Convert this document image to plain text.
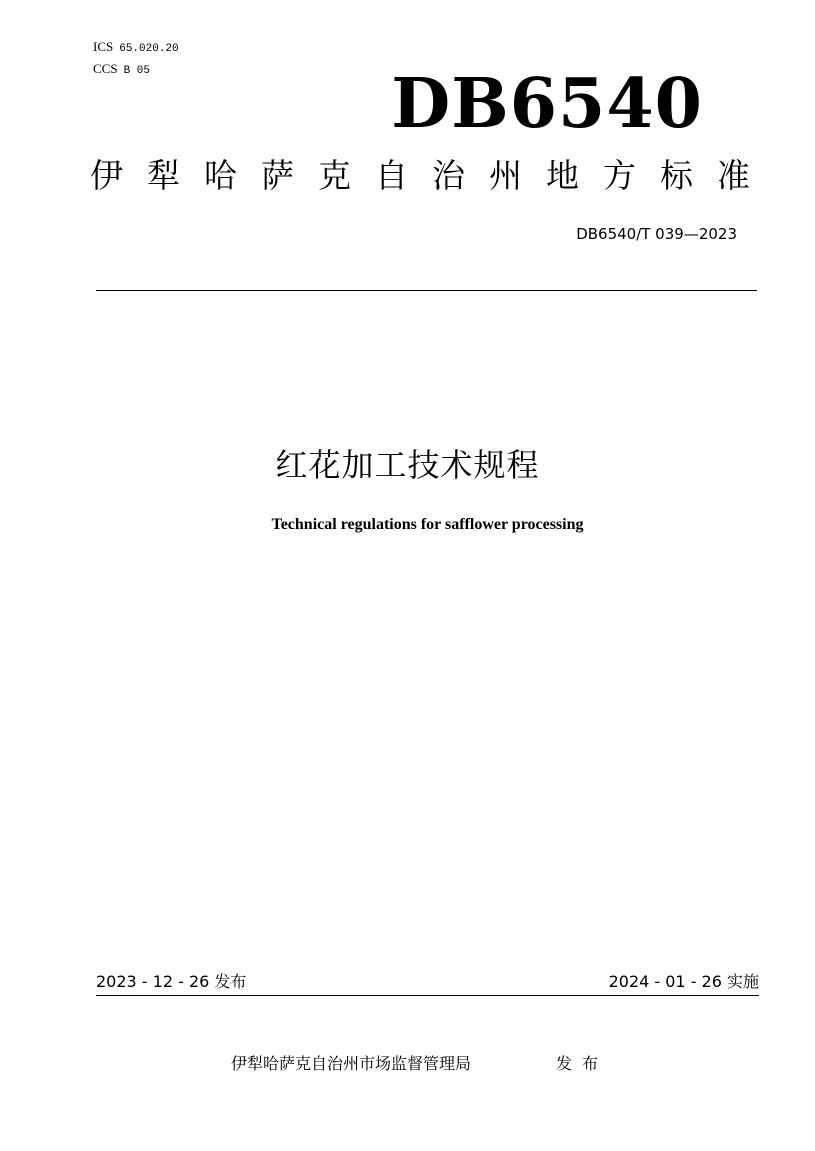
ICS 65.020.20
CCS B 05	DB6540
伊 犁 哈 萨 克 自 治 州 地 方 标 准
DB6540/T 039—2023
红花加工技术规程
Technical regulations for safflower processing
2023 - 12 - 26 发布	2024 - 01 - 26 实施
伊犁哈萨克自治州市场监督管理局	发布
